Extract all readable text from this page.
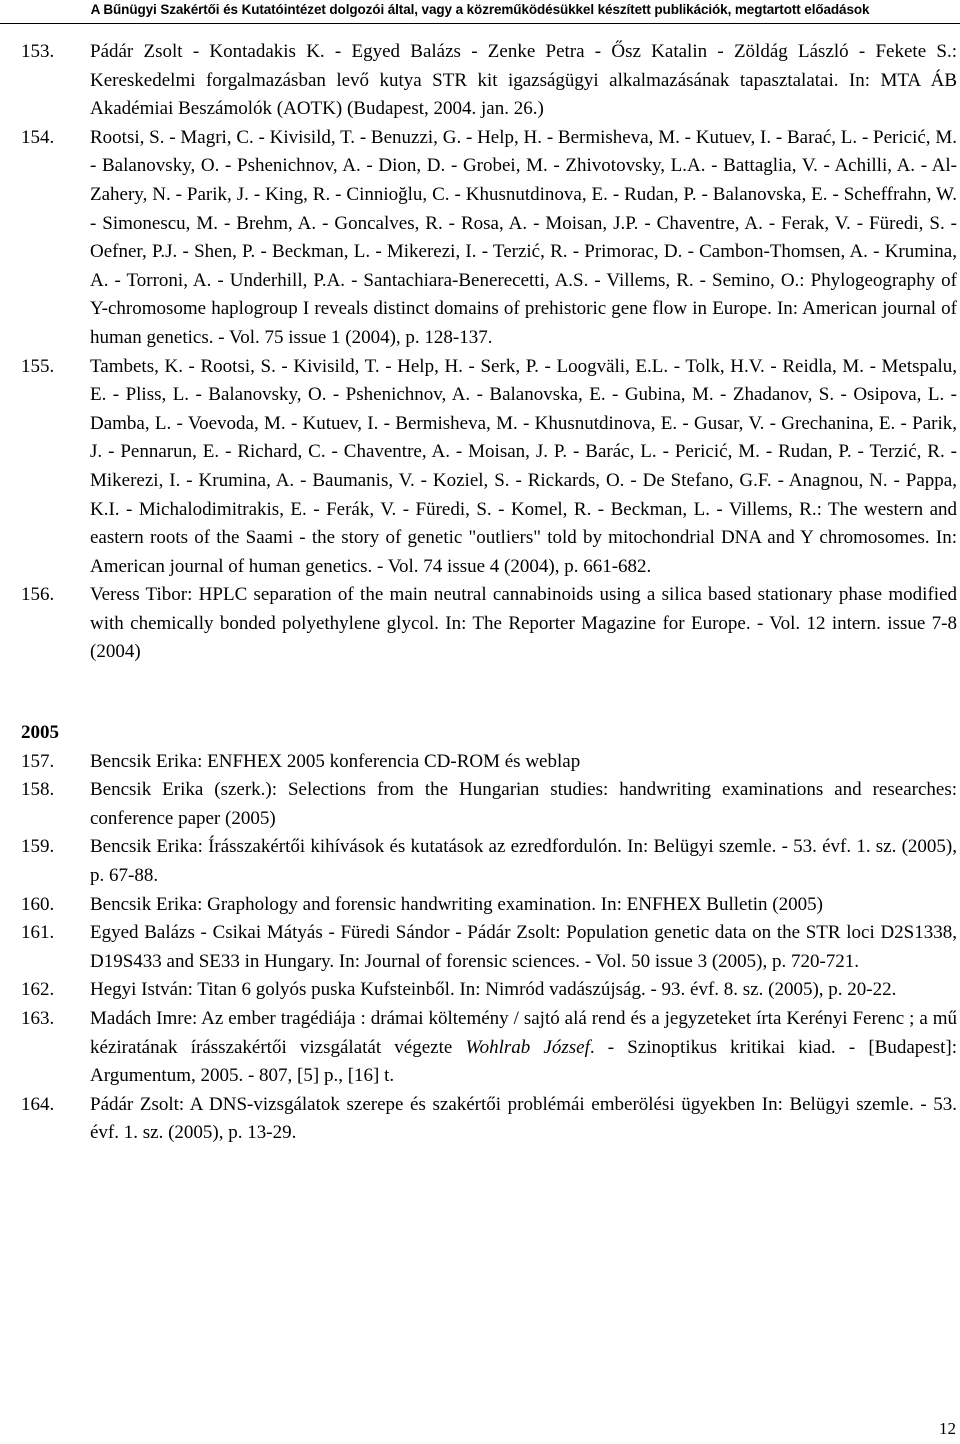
A Bűnügyi Szakértői és Kutatóintézet dolgozói által, vagy a közreműködésükkel készített publikációk, megtartott előadások
153.	Pádár Zsolt - Kontadakis K. - Egyed Balázs - Zenke Petra - Ősz Katalin - Zöldág László - Fekete S.: Kereskedelmi forgalmazásban levő kutya STR kit igazságügyi alkalmazásának tapasztalatai. In: MTA ÁB Akadémiai Beszámolók (AOTK) (Budapest, 2004. jan. 26.)
154.	Rootsi, S. - Magri, C. - Kivisild, T. - Benuzzi, G. - Help, H. - Bermisheva, M. - Kutuev, I. - Barać, L. - Pericić, M. - Balanovsky, O. - Pshenichnov, A. - Dion, D. - Grobei, M. - Zhivotovsky, L.A. - Battaglia, V. - Achilli, A. - Al-Zahery, N. - Parik, J. - King, R. - Cinnioğlu, C. - Khusnutdinova, E. - Rudan, P. - Balanovska, E. - Scheffrahn, W. - Simonescu, M. - Brehm, A. - Goncalves, R. - Rosa, A. - Moisan, J.P. - Chaventre, A. - Ferak, V. - Füredi, S. - Oefner, P.J. - Shen, P. - Beckman, L. - Mikerezi, I. - Terzić, R. - Primorac, D. - Cambon-Thomsen, A. - Krumina, A. - Torroni, A. - Underhill, P.A. - Santachiara-Benerecetti, A.S. - Villems, R. - Semino, O.: Phylogeography of Y-chromosome haplogroup I reveals distinct domains of prehistoric gene flow in Europe. In: American journal of human genetics. - Vol. 75 issue 1 (2004), p. 128-137.
155.	Tambets, K. - Rootsi, S. - Kivisild, T. - Help, H. - Serk, P. - Loogväli, E.L. - Tolk, H.V. - Reidla, M. - Metspalu, E. - Pliss, L. - Balanovsky, O. - Pshenichnov, A. - Balanovska, E. - Gubina, M. - Zhadanov, S. - Osipova, L. - Damba, L. - Voevoda, M. - Kutuev, I. - Bermisheva, M. - Khusnutdinova, E. - Gusar, V. - Grechanina, E. - Parik, J. - Pennarun, E. - Richard, C. - Chaventre, A. - Moisan, J. P. - Barác, L. - Pericić, M. - Rudan, P. - Terzić, R. - Mikerezi, I. - Krumina, A. - Baumanis, V. - Koziel, S. - Rickards, O. - De Stefano, G.F. - Anagnou, N. - Pappa, K.I. - Michalodimitrakis, E. - Ferák, V. - Füredi, S. - Komel, R. - Beckman, L. - Villems, R.: The western and eastern roots of the Saami - the story of genetic "outliers" told by mitochondrial DNA and Y chromosomes. In: American journal of human genetics. - Vol. 74 issue 4 (2004), p. 661-682.
156.	Veress Tibor: HPLC separation of the main neutral cannabinoids using a silica based stationary phase modified with chemically bonded polyethylene glycol. In: The Reporter Magazine for Europe. - Vol. 12 intern. issue 7-8 (2004)
2005
157.	Bencsik Erika: ENFHEX 2005 konferencia CD-ROM és weblap
158.	Bencsik Erika (szerk.): Selections from the Hungarian studies: handwriting examinations and researches: conference paper (2005)
159.	Bencsik Erika: Írásszakértői kihívások és kutatások az ezredfordulón. In: Belügyi szemle. - 53. évf. 1. sz. (2005), p. 67-88.
160.	Bencsik Erika: Graphology and forensic handwriting examination. In: ENFHEX Bulletin (2005)
161.	Egyed Balázs - Csikai Mátyás - Füredi Sándor - Pádár Zsolt: Population genetic data on the STR loci D2S1338, D19S433 and SE33 in Hungary. In: Journal of forensic sciences. - Vol. 50 issue 3 (2005), p. 720-721.
162.	Hegyi István: Titan 6 golyós puska Kufsteinből. In: Nimród vadászújság. - 93. évf. 8. sz. (2005), p. 20-22.
163.	Madách Imre: Az ember tragédiája : drámai költemény / sajtó alá rend és a jegyzeteket írta Kerényi Ferenc ; a mű kéziratának írásszakértői vizsgálatát végezte Wohlrab József. - Szinoptikus kritikai kiad. - [Budapest]: Argumentum, 2005. - 807, [5] p., [16] t.
164.	Pádár Zsolt: A DNS-vizsgálatok szerepe és szakértői problémái emberölési ügyekben In: Belügyi szemle. - 53. évf. 1. sz. (2005), p. 13-29.
12
